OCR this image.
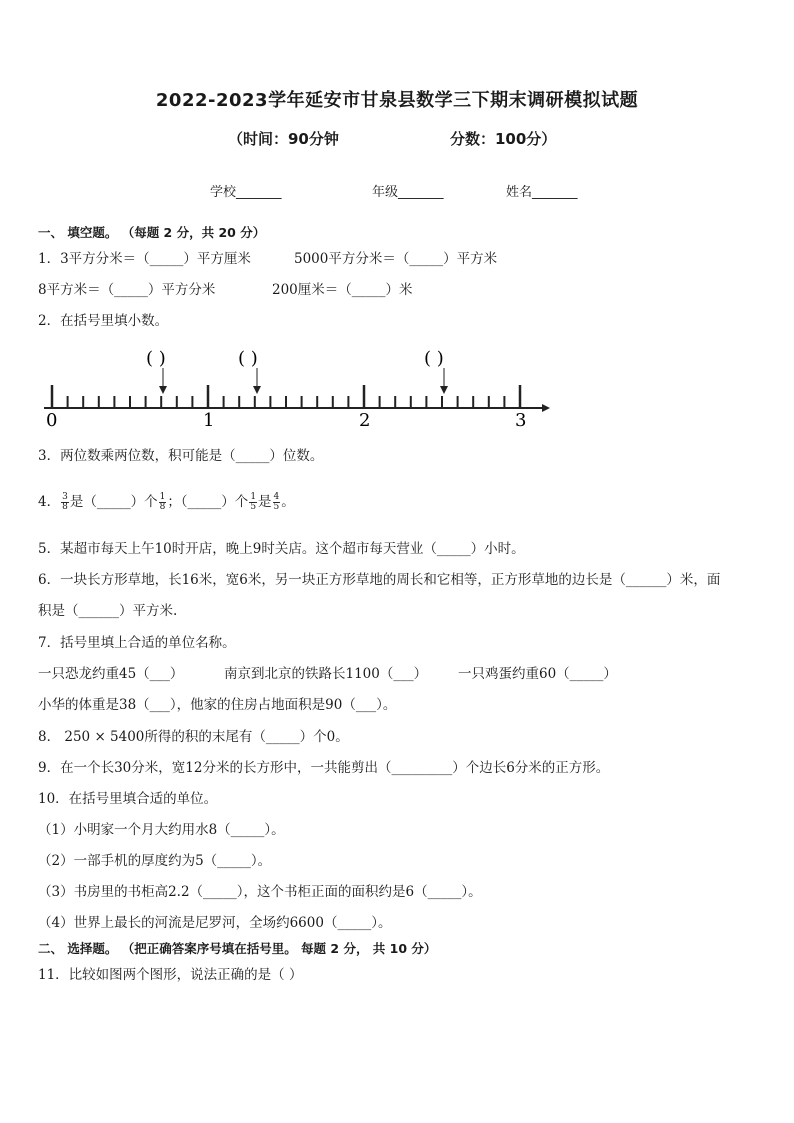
2022-2023学年延安市甘泉县数学三下期末调研模拟试题
（时间：90分钟	分数：100分）
学校_______	年级_______	姓名_______
一、 填空题。 （每题 2 分，共 20 分）
1．3平方分米＝（_____）平方厘米	5000平方分米＝（_____）平方米
8平方米＝（_____）平方分米	200厘米＝（_____）米
2．在括号里填小数。
( )	( )	( )
0	1	2	3
3．两位数乘两位数，积可能是（_____）位数。
4． $\frac{3}{8}$ 是（_____）个 $\frac{1}{8}$ ；（_____）个 $\frac{1}{5}$ 是 $\frac{4}{5}$ 。
5．某超市每天上午10时开店，晚上9时关店。这个超市每天营业（_____）小时。
6．一块长方形草地，长16米，宽6米，另一块正方形草地的周长和它相等，正方形草地的边长是（______）米，面
积是（______）平方米.
7．括号里填上合适的单位名称。
一只恐龙约重45（___）	南京到北京的铁路长1100（___） 一只鸡蛋约重60（_____）
小华的体重是38（___），他家的住房占地面积是90（___）。
8． 250 × 5400所得的积的末尾有（_____）个0。
9．在一个长30分米，宽12分米的长方形中，一共能剪出（_________）个边长6分米的正方形。
10．在括号里填合适的单位。
（1）小明家一个月大约用水8（_____）。
（2）一部手机的厚度约为5（_____）。
（3）书房里的书柜高2.2（_____），这个书柜正面的面积约是6（_____）。
（4）世界上最长的河流是尼罗河，全场约6600（_____）。
二、 选择题。 （把正确答案序号填在括号里。 每题 2 分， 共 10 分）
11．比较如图两个图形，说法正确的是（ ）
